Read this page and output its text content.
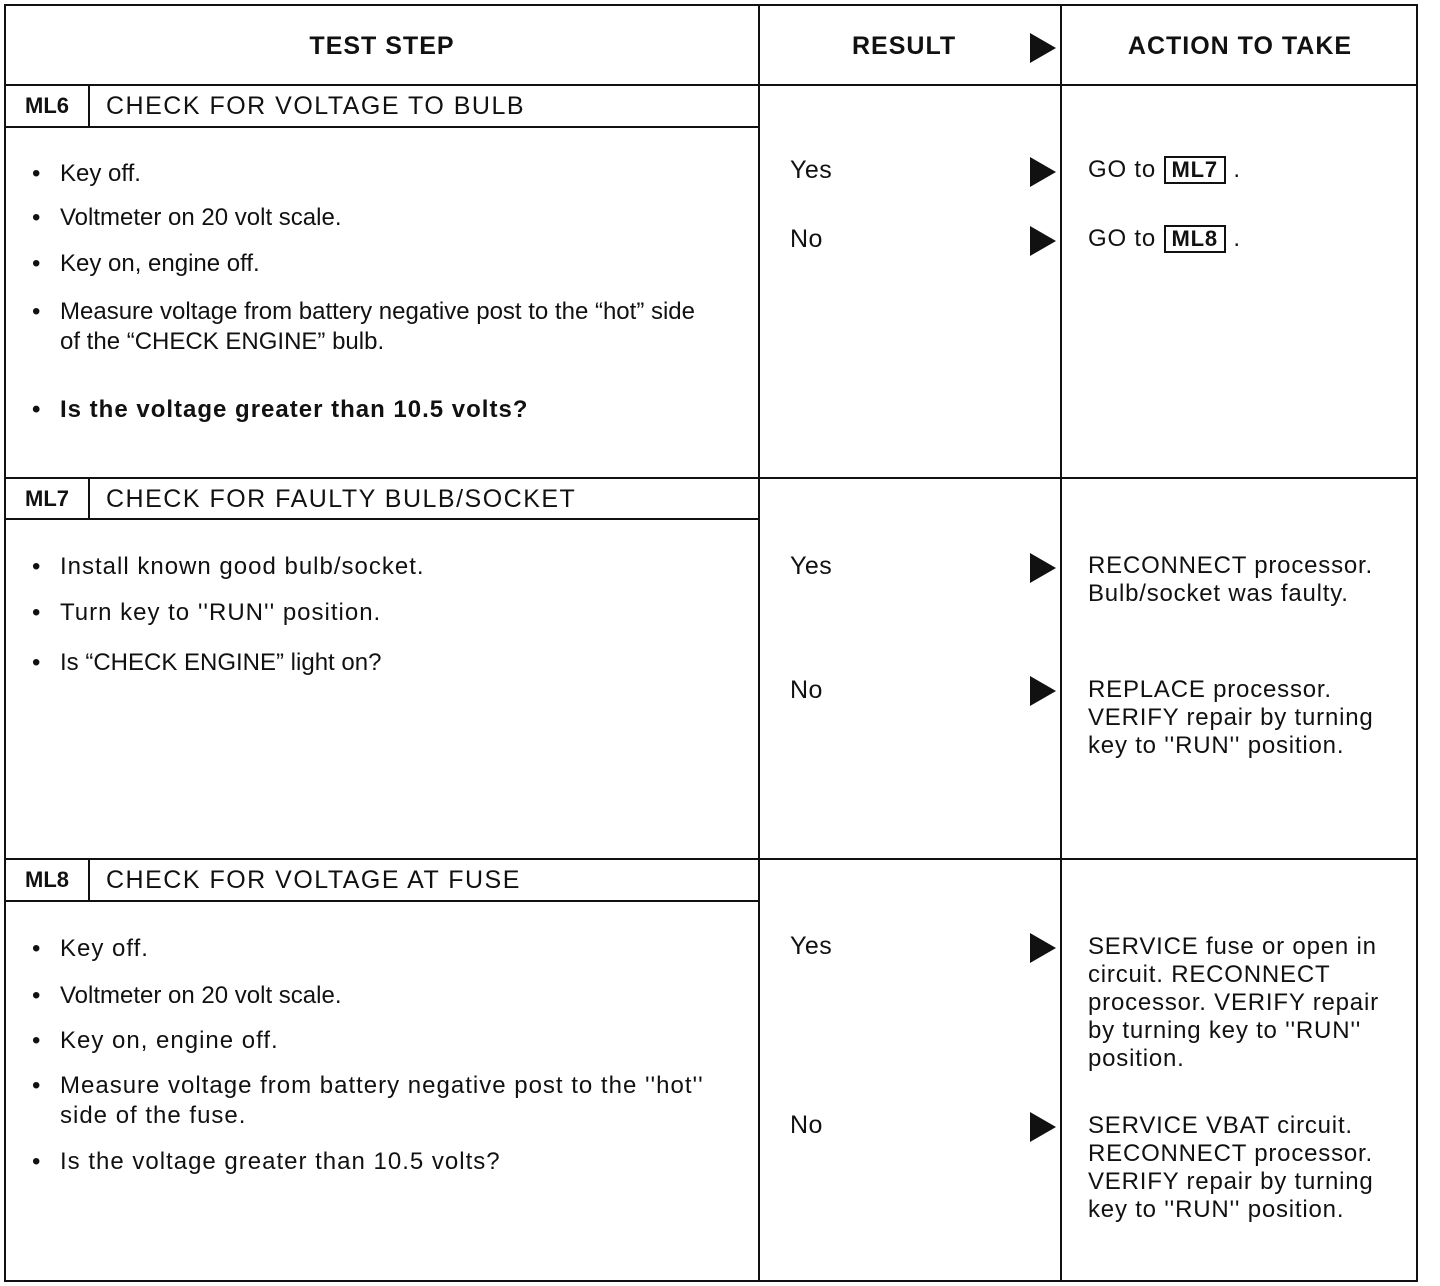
TEST STEP	RESULT	ACTION TO TAKE
ML6	CHECK FOR VOLTAGE TO BULB
• Key off.
• Voltmeter on 20 volt scale.
• Key on, engine off.
• Measure voltage from battery negative post to the “hot” side of the “CHECK ENGINE” bulb.
• Is the voltage greater than 10.5 volts?
Yes	GO to ML7 .
No	GO to ML8 .
ML7	CHECK FOR FAULTY BULB/SOCKET
• Install known good bulb/socket.
• Turn key to ''RUN'' position.
• Is “CHECK ENGINE” light on?
Yes	RECONNECT processor. Bulb/socket was faulty.
No	REPLACE processor. VERIFY repair by turning key to ''RUN'' position.
ML8	CHECK FOR VOLTAGE AT FUSE
• Key off.
• Voltmeter on 20 volt scale.
• Key on, engine off.
• Measure voltage from battery negative post to the ''hot'' side of the fuse.
• Is the voltage greater than 10.5 volts?
Yes	SERVICE fuse or open in circuit. RECONNECT processor. VERIFY repair by turning key to ''RUN'' position.
No	SERVICE VBAT circuit. RECONNECT processor. VERIFY repair by turning key to ''RUN'' position.
